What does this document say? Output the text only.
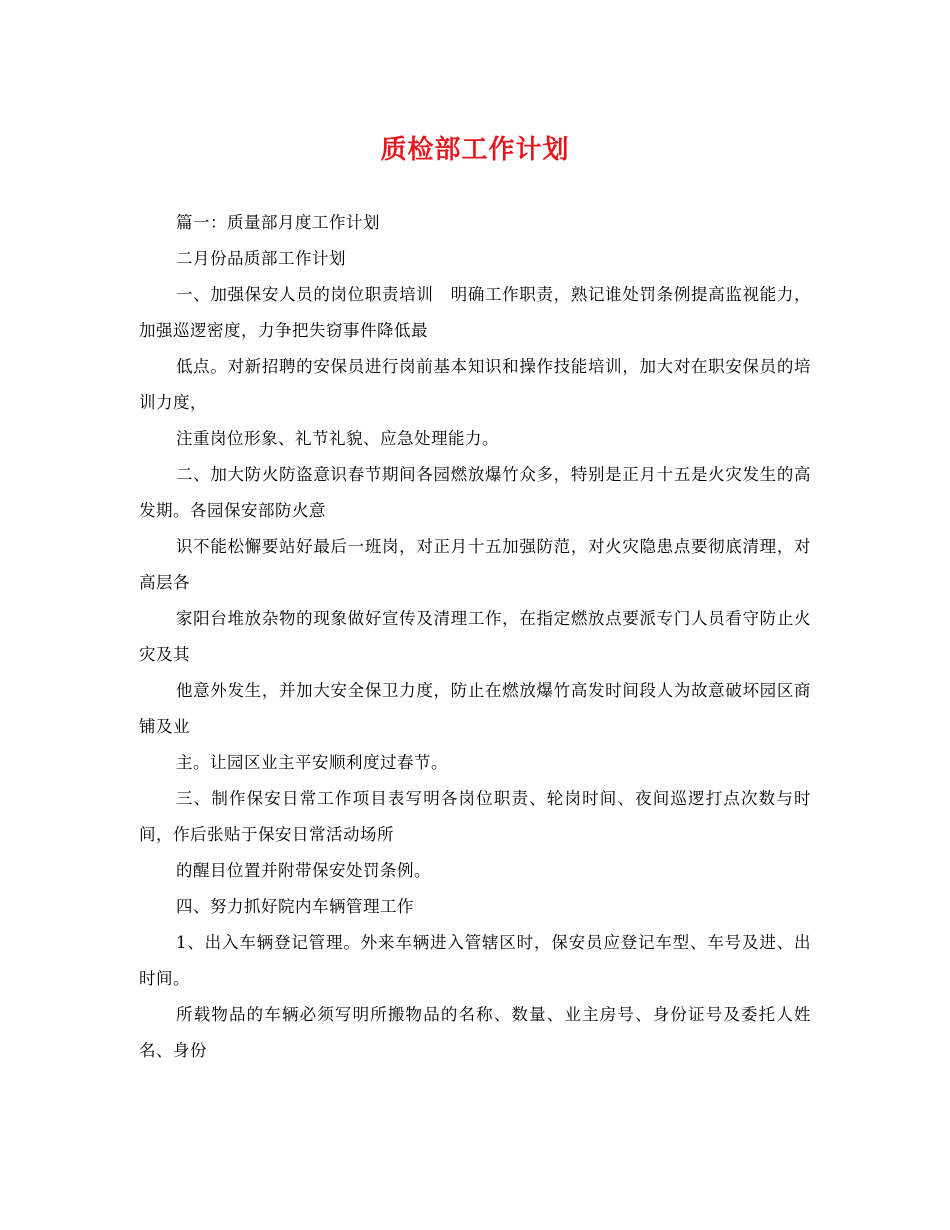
质检部工作计划

篇一：质量部月度工作计划

二月份品质部工作计划

一、加强保安人员的岗位职责培训　明确工作职责，熟记谁处罚条例提高监视能力，加强巡逻密度，力争把失窃事件降低最

低点。对新招聘的安保员进行岗前基本知识和操作技能培训，加大对在职安保员的培训力度，

注重岗位形象、礼节礼貌、应急处理能力。

二、加大防火防盗意识春节期间各园燃放爆竹众多，特别是正月十五是火灾发生的高发期。各园保安部防火意

识不能松懈要站好最后一班岗，对正月十五加强防范，对火灾隐患点要彻底清理，对高层各

家阳台堆放杂物的现象做好宣传及清理工作，在指定燃放点要派专门人员看守防止火灾及其

他意外发生，并加大安全保卫力度，防止在燃放爆竹高发时间段人为故意破坏园区商铺及业

主。让园区业主平安顺利度过春节。

三、制作保安日常工作项目表写明各岗位职责、轮岗时间、夜间巡逻打点次数与时间，作后张贴于保安日常活动场所

的醒目位置并附带保安处罚条例。

四、努力抓好院内车辆管理工作

1、出入车辆登记管理。外来车辆进入管辖区时，保安员应登记车型、车号及进、出时间。

所载物品的车辆必须写明所搬物品的名称、数量、业主房号、身份证号及委托人姓名、身份
